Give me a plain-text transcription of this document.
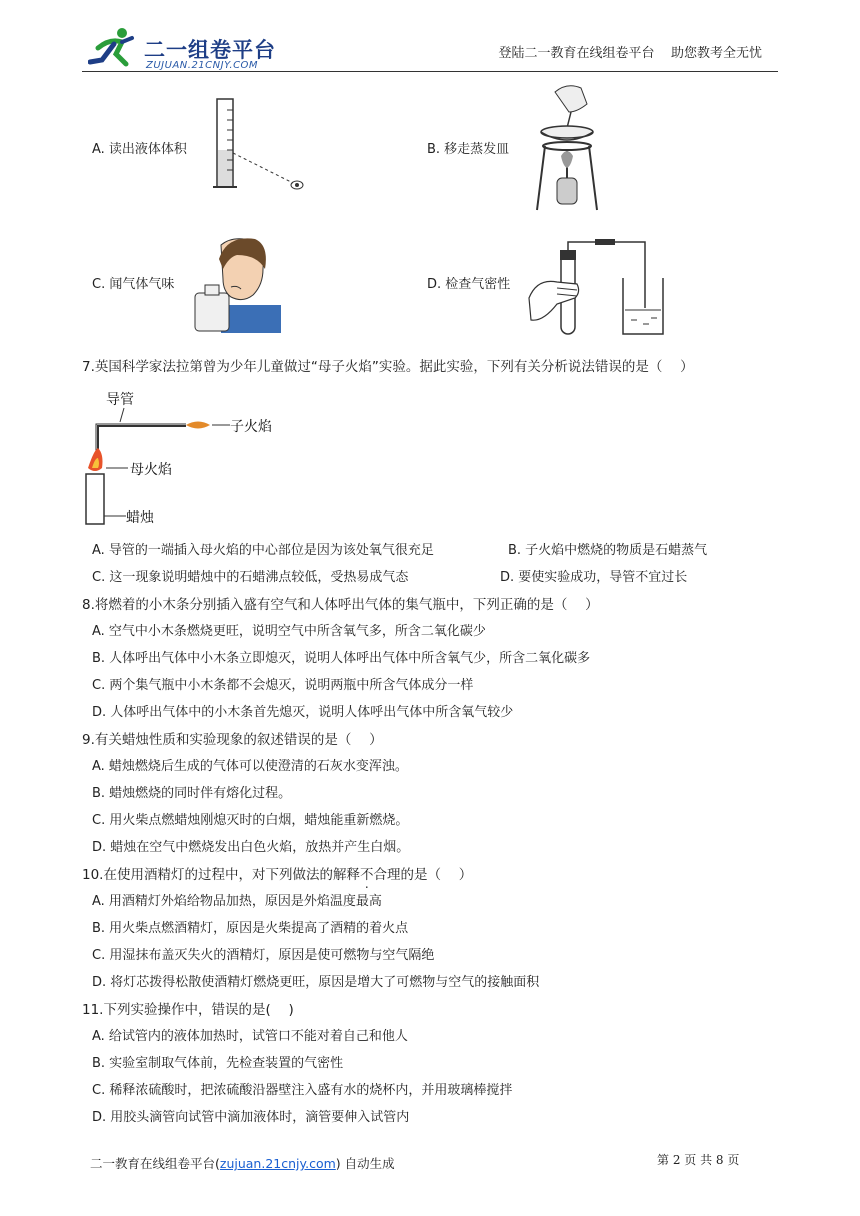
二一组卷平台
ZUJUAN.21CNJY.COM
登陆二一教育在线组卷平台    助您教考全无忧
A. 读出液体体积	B. 移走蒸发皿
C. 闻气体气味	D. 检查气密性
7.英国科学家法拉第曾为少年儿童做过“母子火焰”实验。据此实验，下列有关分析说法错误的是（　 ）
导管
子火焰
母火焰
蜡烛
A. 导管的一端插入母火焰的中心部位是因为该处氧气很充足	B. 子火焰中燃烧的物质是石蜡蒸气
C. 这一现象说明蜡烛中的石蜡沸点较低，受热易成气态	D. 要使实验成功，导管不宜过长
8.将燃着的小木条分别插入盛有空气和人体呼出气体的集气瓶中，下列正确的是（　 ）
A. 空气中小木条燃烧更旺，说明空气中所含氧气多，所含二氧化碳少
B. 人体呼出气体中小木条立即熄灭，说明人体呼出气体中所含氧气少，所含二氧化碳多
C. 两个集气瓶中小木条都不会熄灭，说明两瓶中所含气体成分一样
D. 人体呼出气体中的小木条首先熄灭，说明人体呼出气体中所含氧气较少
9.有关蜡烛性质和实验现象的叙述错误的是（　 ）
A. 蜡烛燃烧后生成的气体可以使澄清的石灰水变浑浊。
B. 蜡烛燃烧的同时伴有熔化过程。
C. 用火柴点燃蜡烛刚熄灭时的白烟，蜡烛能重新燃烧。
D. 蜡烛在空气中燃烧发出白色火焰，放热并产生白烟。
10.在使用酒精灯的过程中，对下列做法的解释不合理的是（　 ）
A. 用酒精灯外焰给物品加热，原因是外焰温度最高
B. 用火柴点燃酒精灯，原因是火柴提高了酒精的着火点
C. 用湿抹布盖灭失火的酒精灯，原因是使可燃物与空气隔绝
D. 将灯芯拨得松散使酒精灯燃烧更旺，原因是增大了可燃物与空气的接触面积
11.下列实验操作中，错误的是(　 )
A. 给试管内的液体加热时，试管口不能对着自己和他人
B. 实验室制取气体前，先检查装置的气密性
C. 稀释浓硫酸时，把浓硫酸沿器壁注入盛有水的烧杯内，并用玻璃棒搅拌
D. 用胶头滴管向试管中滴加液体时，滴管要伸入试管内
二一教育在线组卷平台(zujuan.21cnjy.com) 自动生成	第 2 页 共 8 页
